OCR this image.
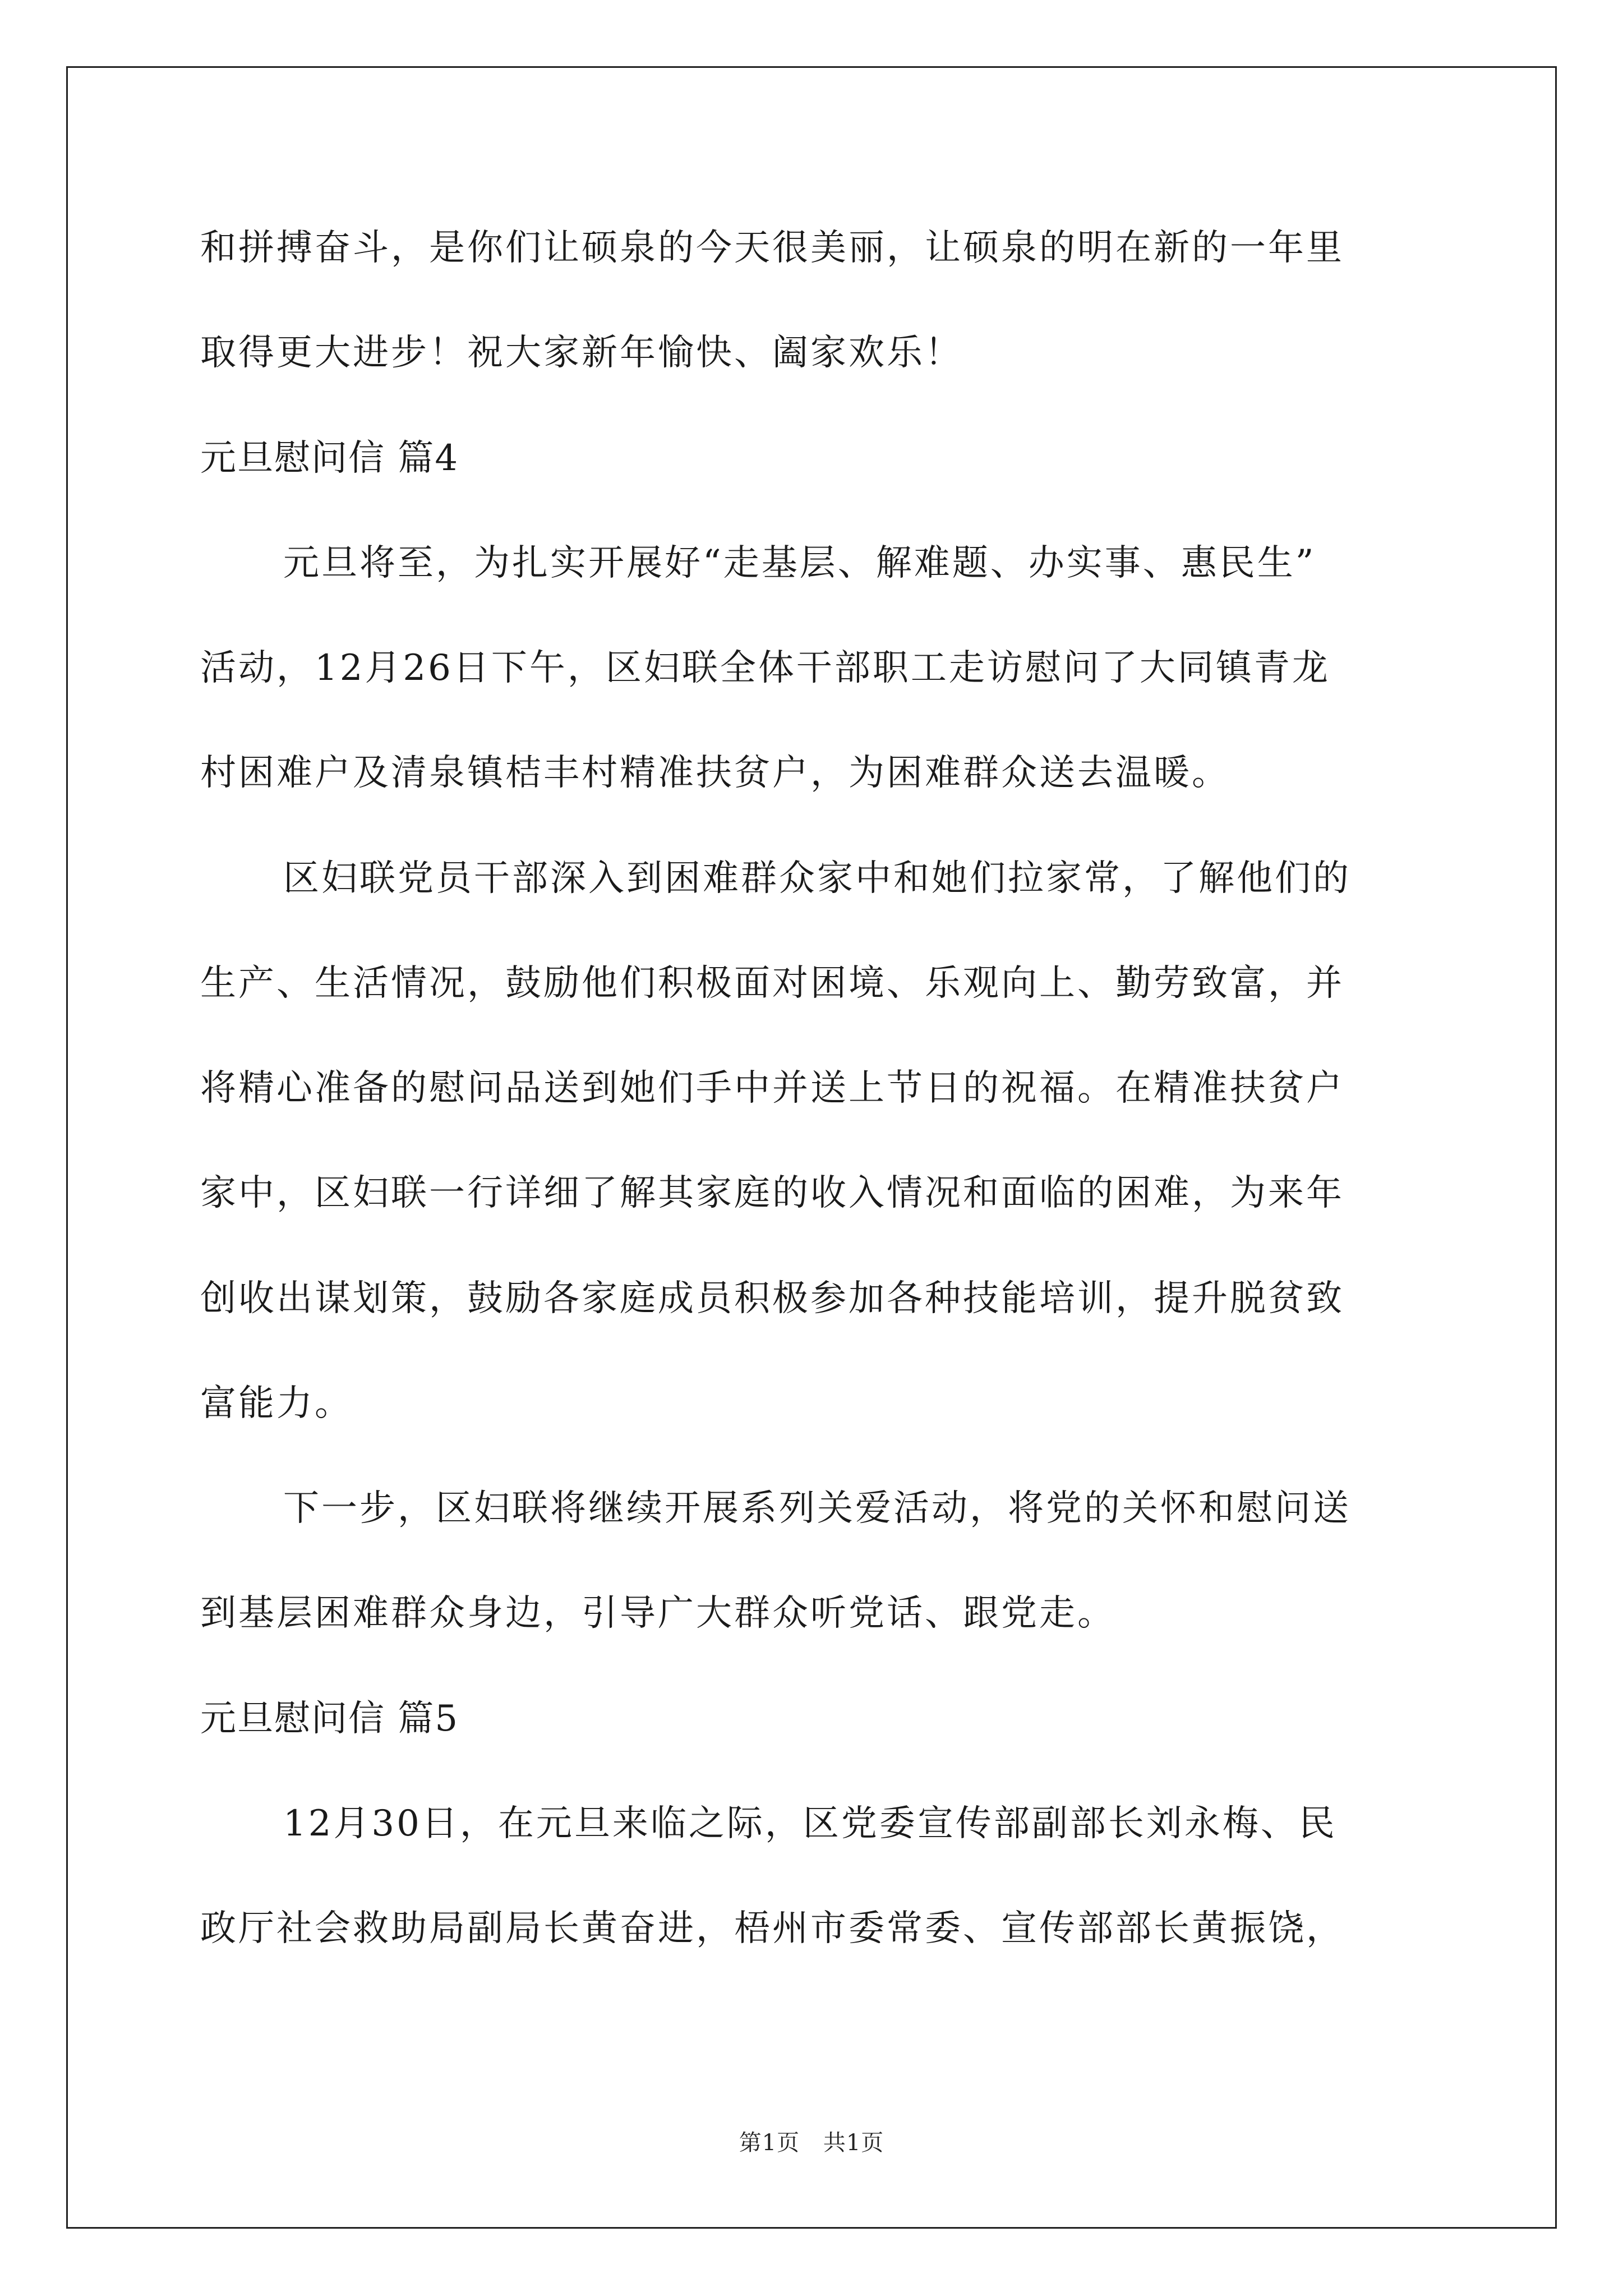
和拼搏奋斗，是你们让硕泉的今天很美丽，让硕泉的明在新的一年里
取得更大进步！祝大家新年愉快、阖家欢乐！
元旦慰问信 篇4
元旦将至，为扎实开展好“走基层、解难题、办实事、惠民生”
活动，12月26日下午，区妇联全体干部职工走访慰问了大同镇青龙
村困难户及清泉镇桔丰村精准扶贫户，为困难群众送去温暖。
区妇联党员干部深入到困难群众家中和她们拉家常，了解他们的
生产、生活情况，鼓励他们积极面对困境、乐观向上、勤劳致富，并
将精心准备的慰问品送到她们手中并送上节日的祝福。在精准扶贫户
家中，区妇联一行详细了解其家庭的收入情况和面临的困难，为来年
创收出谋划策，鼓励各家庭成员积极参加各种技能培训，提升脱贫致
富能力。
下一步，区妇联将继续开展系列关爱活动，将党的关怀和慰问送
到基层困难群众身边，引导广大群众听党话、跟党走。
元旦慰问信 篇5
12月30日，在元旦来临之际，区党委宣传部副部长刘永梅、民
政厅社会救助局副局长黄奋进，梧州市委常委、宣传部部长黄振饶，
第1页 共1页
